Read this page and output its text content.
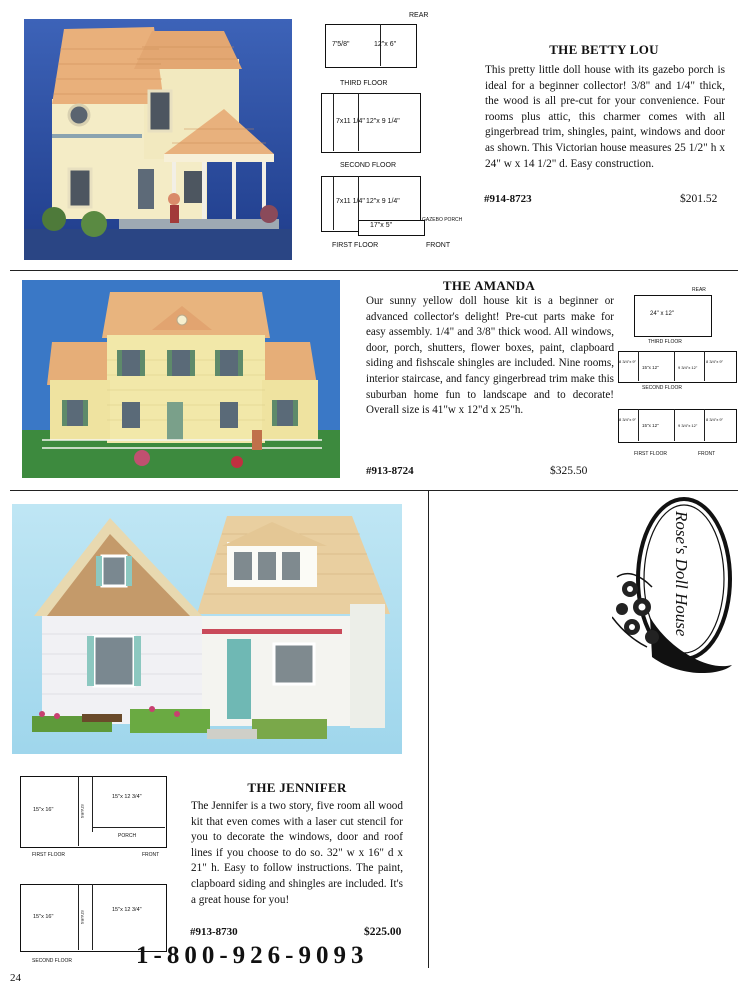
REAR
7'5/8"	12"x 6"
THIRD FLOOR
7x11 1/4" 12"x 9 1/4"
SECOND FLOOR
7x11 1/4" 12"x 9 1/4"
17"x 5"
GAZEBO PORCH
FIRST FLOOR	FRONT
THE BETTY LOU
This pretty little doll house with its gazebo porch is ideal for a beginner collector! 3/8" and 1/4" thick, the wood is all pre-cut for your convenience. Four rooms plus attic, this charmer comes with all gingerbread trim, shingles, paint, windows and door as shown. This Victorian house measures 25 1/2" h x 24" w x 14 1/2" d. Easy construction.
#914-8723	$201.52
THE AMANDA
Our sunny yellow doll house kit is a beginner or advanced collector's delight! Pre-cut parts make for easy assembly. 1/4" and 3/8" thick wood. All windows, door, porch, shutters, flower boxes, paint, clapboard siding and fishscale shingles are included. Nine rooms, interior staircase, and fancy gingerbread trim make this suburban home fun to landscape and to decorate! Overall size is 41"w x 12"d x 25"h.
#913-8724	$325.50
REAR
24" x 12"
THIRD FLOOR
8 3/4"x 9"
15"x 12"	9 3/4"x 12"
8 3/4"x 9"
SECOND FLOOR
8 3/4"x 9"
15"x 12"	9 3/4"x 12"
8 3/4"x 9"
FIRST FLOOR	FRONT
15"x 16"
15"x 12 3/4"
STAIRS
PORCH
FIRST FLOOR	FRONT
15"x 16"
15"x 12 3/4"
STAIRS
SECOND FLOOR
THE JENNIFER
The Jennifer is a two story, five room all wood kit that even comes with a laser cut stencil for you to decorate the windows, door and roof lines if you choose to do so. 32" w x 16" d x 21" h. Easy to follow instructions. The paint, clapboard siding and shingles are included. It's a great house for you!
#913-8730	$225.00
1-800-926-9093
24
Rose's Doll House
